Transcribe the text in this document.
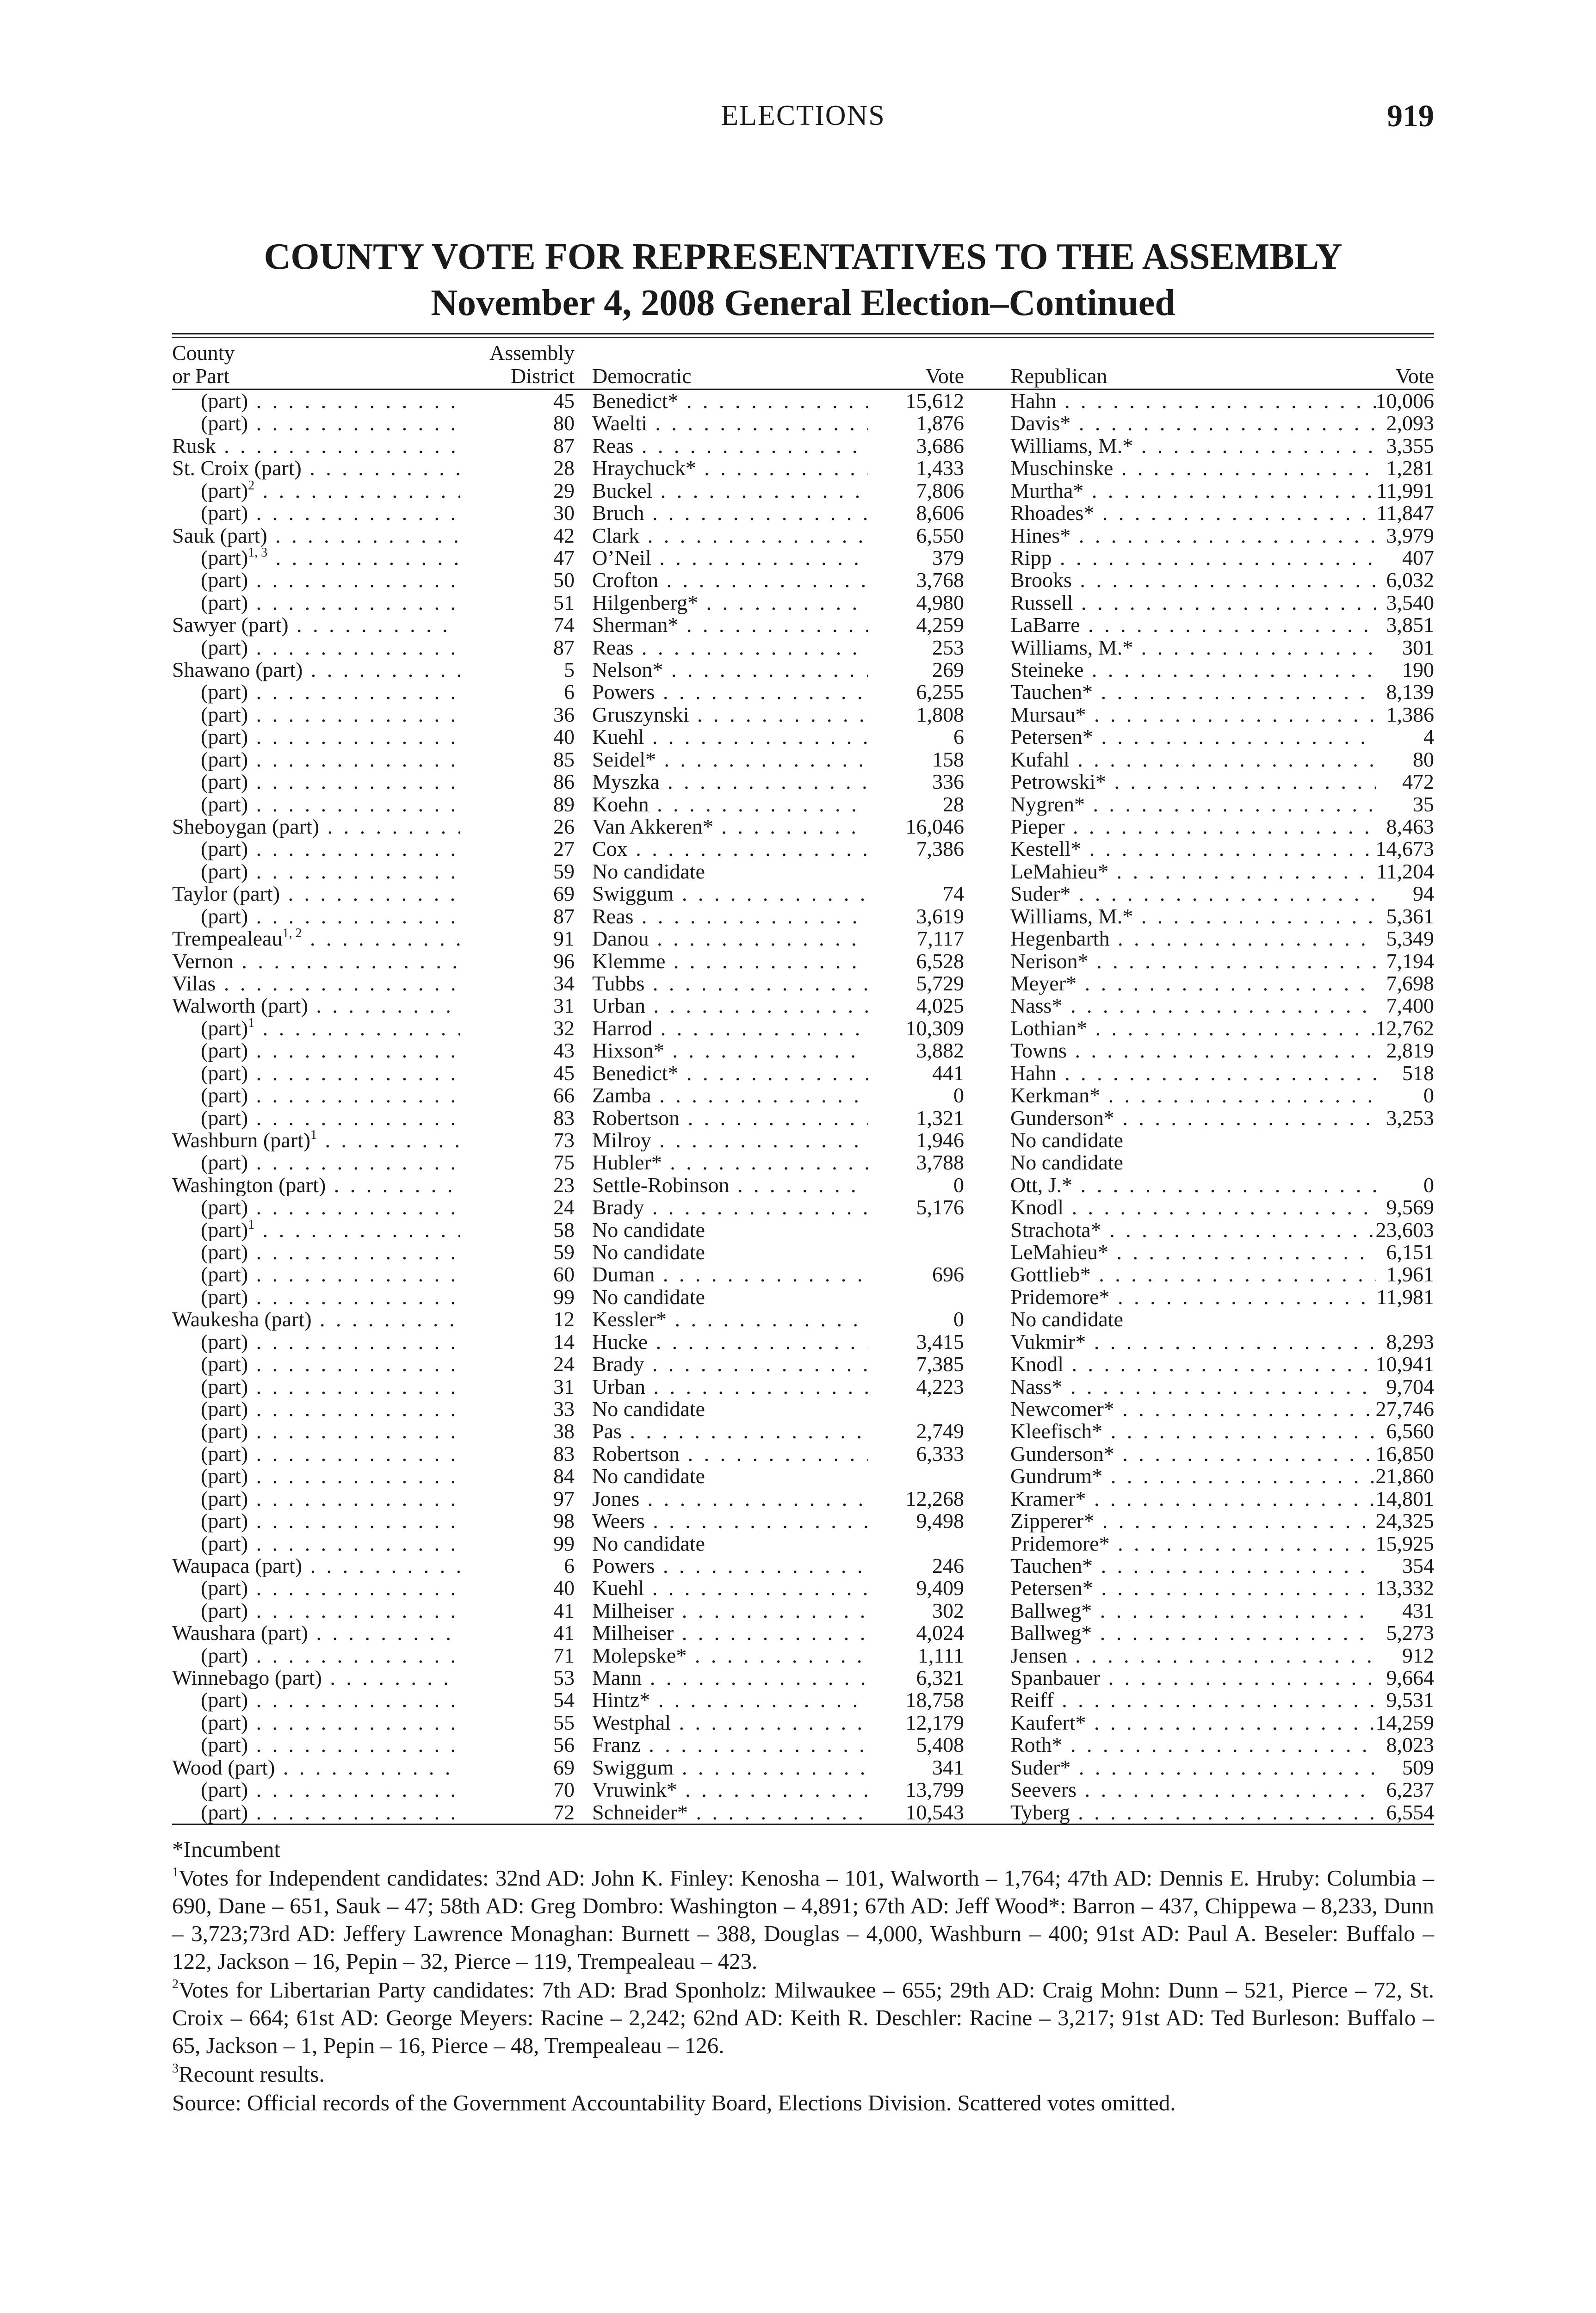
ELECTIONS	919
COUNTY VOTE FOR REPRESENTATIVES TO THE ASSEMBLY
November 4, 2008 General Election–Continued
County
or Part
Assembly
District Democratic	Vote Republican	Vote
(part) . . .	45 Benedict* . . .	15,612 Hahn . . .	10,006
(part) . . .	80 Waelti . . .	1,876 Davis* . . .	2,093
Rusk . . .	87 Reas . . .	3,686 Williams, M.* . . .	3,355
St. Croix (part) . . .	28 Hraychuck* . . .	1,433 Muschinske . . .	1,281
(part)$^2$ . . .	29 Buckel . . .	7,806 Murtha* . . .	11,991
(part) . . .	30 Bruch . . .	8,606 Rhoades* . . .	11,847
Sauk (part) . . .	42 Clark . . .	6,550 Hines* . . .	3,979
(part)$^{1, 3}$ . . .	47 O’Neil . . .	379 Ripp . . .	407
(part) . . .	50 Crofton . . .	3,768 Brooks . . .	6,032
(part) . . .	51 Hilgenberg* . . .	4,980 Russell . . .	3,540
Sawyer (part) . . .	74 Sherman* . . .	4,259 LaBarre . . .	3,851
(part) . . .	87 Reas . . .	253 Williams, M.* . . .	301
Shawano (part) . . .	5 Nelson* . . .	269 Steineke . . .	190
(part) . . .	6 Powers . . .	6,255 Tauchen* . . .	8,139
(part) . . .	36 Gruszynski . . .	1,808 Mursau* . . .	1,386
(part) . . .	40 Kuehl . . .	6 Petersen* . . .	4
(part) . . .	85 Seidel* . . .	158 Kufahl . . .	80
(part) . . .	86 Myszka . . .	336 Petrowski* . . .	472
(part) . . .	89 Koehn . . .	28 Nygren* . . .	35
Sheboygan (part) . . .	26 Van Akkeren* . . .	16,046 Pieper . . .	8,463
(part) . . .	27 Cox . . .	7,386 Kestell* . . .	14,673
(part) . . .	59 No candidate	LeMahieu* . . .	11,204
Taylor (part) . . .	69 Swiggum . . .	74 Suder* . . .	94
(part) . . .	87 Reas . . .	3,619 Williams, M.* . . .	5,361
Trempealeau$^{1, 2}$ . . .	91 Danou . . .	7,117 Hegenbarth . . .	5,349
Vernon . . .	96 Klemme . . .	6,528 Nerison* . . .	7,194
Vilas . . .	34 Tubbs . . .	5,729 Meyer* . . .	7,698
Walworth (part) . . .	31 Urban . . .	4,025 Nass* . . .	7,400
(part)$^1$ . . .	32 Harrod . . .	10,309 Lothian* . . .	12,762
(part) . . .	43 Hixson* . . .	3,882 Towns . . .	2,819
(part) . . .	45 Benedict* . . .	441 Hahn . . .	518
(part) . . .	66 Zamba . . .	0 Kerkman* . . .	0
(part) . . .	83 Robertson . . .	1,321 Gunderson* . . .	3,253
Washburn (part)$^1$ . . .	73 Milroy . . .	1,946 No candidate
(part) . . .	75 Hubler* . . .	3,788 No candidate
Washington (part) . . .	23 Settle-Robinson . . .	0 Ott, J.* . . .	0
(part) . . .	24 Brady . . .	5,176 Knodl . . .	9,569
(part)$^1$ . . .	58 No candidate	Strachota* . . .	23,603
(part) . . .	59 No candidate	LeMahieu* . . .	6,151
(part) . . .	60 Duman . . .	696 Gottlieb* . . .	1,961
(part) . . .	99 No candidate	Pridemore* . . .	11,981
Waukesha (part) . . .	12 Kessler* . . .	0 No candidate
(part) . . .	14 Hucke . . .	3,415 Vukmir* . . .	8,293
(part) . . .	24 Brady . . .	7,385 Knodl . . .	10,941
(part) . . .	31 Urban . . .	4,223 Nass* . . .	9,704
(part) . . .	33 No candidate	Newcomer* . . .	27,746
(part) . . .	38 Pas . . .	2,749 Kleefisch* . . .	6,560
(part) . . .	83 Robertson . . .	6,333 Gunderson* . . .	16,850
(part) . . .	84 No candidate	Gundrum* . . .	21,860
(part) . . .	97 Jones . . .	12,268 Kramer* . . .	14,801
(part) . . .	98 Weers . . .	9,498 Zipperer* . . .	24,325
(part) . . .	99 No candidate	Pridemore* . . .	15,925
Waupaca (part) . . .	6 Powers . . .	246 Tauchen* . . .	354
(part) . . .	40 Kuehl . . .	9,409 Petersen* . . .	13,332
(part) . . .	41 Milheiser . . .	302 Ballweg* . . .	431
Waushara (part) . . .	41 Milheiser . . .	4,024 Ballweg* . . .	5,273
(part) . . .	71 Molepske* . . .	1,111 Jensen . . .	912
Winnebago (part) . . .	53 Mann . . .	6,321 Spanbauer . . .	9,664
(part) . . .	54 Hintz* . . .	18,758 Reiff . . .	9,531
(part) . . .	55 Westphal . . .	12,179 Kaufert* . . .	14,259
(part) . . .	56 Franz . . .	5,408 Roth* . . .	8,023
Wood (part) . . .	69 Swiggum . . .	341 Suder* . . .	509
(part) . . .	70 Vruwink* . . .	13,799 Seevers . . .	6,237
(part) . . .	72 Schneider* . . .	10,543 Tyberg . . .	6,554
*Incumbent
$^1$Votes for Independent candidates: 32nd AD: John K. Finley: Kenosha – 101, Walworth – 1,764; 47th AD: Dennis E. Hruby: Columbia – 690, Dane – 651, Sauk – 47; 58th AD: Greg Dombro: Washington – 4,891; 67th AD: Jeff Wood*: Barron – 437, Chippewa – 8,233, Dunn – 3,723;73rd AD: Jeffery Lawrence Monaghan: Burnett – 388, Douglas – 4,000, Washburn – 400; 91st AD: Paul A. Beseler: Buffalo – 122, Jackson – 16, Pepin – 32, Pierce – 119, Trempealeau – 423.
$^2$Votes for Libertarian Party candidates: 7th AD: Brad Sponholz: Milwaukee – 655; 29th AD: Craig Mohn: Dunn – 521, Pierce – 72, St. Croix – 664; 61st AD: George Meyers: Racine – 2,242; 62nd AD: Keith R. Deschler: Racine – 3,217; 91st AD: Ted Burleson: Buffalo – 65, Jackson – 1, Pepin – 16, Pierce – 48, Trempealeau – 126.
$^3$Recount results.
Source: Official records of the Government Accountability Board, Elections Division. Scattered votes omitted.
